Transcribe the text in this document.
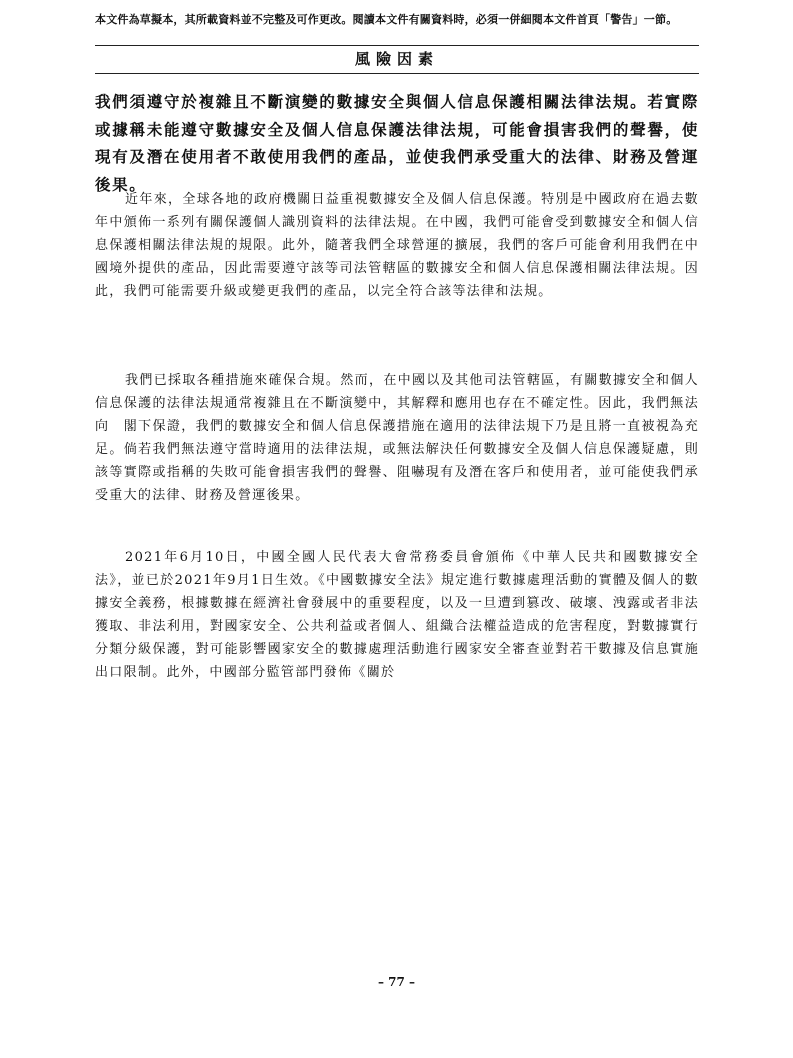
本文件為草擬本，其所載資料並不完整及可作更改。閱讀本文件有關資料時，必須一併細閱本文件首頁「警告」一節。
風險因素
我們須遵守於複雜且不斷演變的數據安全與個人信息保護相關法律法規。若實際或據稱未能遵守數據安全及個人信息保護法律法規，可能會損害我們的聲譽，使現有及潛在使用者不敢使用我們的產品，並使我們承受重大的法律、財務及營運後果。

近年來，全球各地的政府機關日益重視數據安全及個人信息保護。特別是中國政府在過去數年中頒佈一系列有關保護個人識別資料的法律法規。在中國，我們可能會受到數據安全和個人信息保護相關法律法規的規限。此外，隨著我們全球營運的擴展，我們的客戶可能會利用我們在中國境外提供的產品，因此需要遵守該等司法管轄區的數據安全和個人信息保護相關法律法規。因此，我們可能需要升級或變更我們的產品，以完全符合該等法律和法規。

我們已採取各種措施來確保合規。然而，在中國以及其他司法管轄區，有關數據安全和個人信息保護的法律法規通常複雜且在不斷演變中，其解釋和應用也存在不確定性。因此，我們無法向　閣下保證，我們的數據安全和個人信息保護措施在適用的法律法規下乃是且將一直被視為充足。倘若我們無法遵守當時適用的法律法規，或無法解決任何數據安全及個人信息保護疑慮，則該等實際或指稱的失敗可能會損害我們的聲譽、阻嚇現有及潛在客戶和使用者，並可能使我們承受重大的法律、財務及營運後果。

2021年6月10日，中國全國人民代表大會常務委員會頒佈《中華人民共和國數據安全法》，並已於2021年9月1日生效。《中國數據安全法》規定進行數據處理活動的實體及個人的數據安全義務，根據數據在經濟社會發展中的重要程度，以及一旦遭到篡改、破壞、洩露或者非法獲取、非法利用，對國家安全、公共利益或者個人、組織合法權益造成的危害程度，對數據實行分類分級保護，對可能影響國家安全的數據處理活動進行國家安全審查並對若干數據及信息實施出口限制。此外，中國部分監管部門發佈《關於

– 77 –
